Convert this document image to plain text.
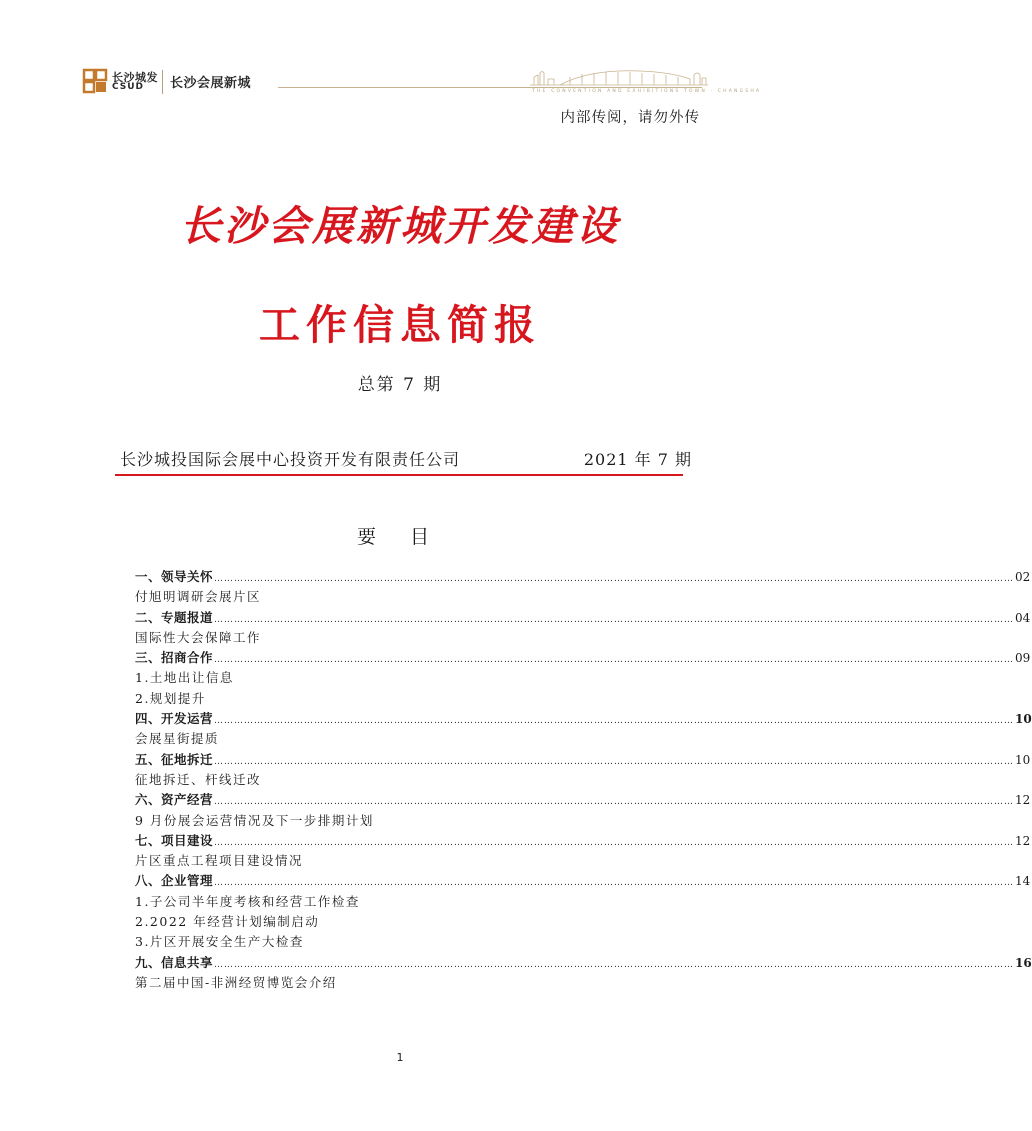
长沙城发
CSUD 长沙会展新城
THE CONVENTION AND EXHIBITIONS TOWN · CHANGSHA
内部传阅，请勿外传
长沙会展新城开发建设
工作信息简报
总第 7 期
长沙城投国际会展中心投资开发有限责任公司	2021 年 7 期
要 目
一、领导关怀 …………………………………………………………………………………………………………………………………………………………………………………………………………………… 02
付旭明调研会展片区
二、专题报道 …………………………………………………………………………………………………………………………………………………………………………………………………………………… 04
国际性大会保障工作
三、招商合作 …………………………………………………………………………………………………………………………………………………………………………………………………………………… 09
1.土地出让信息
2.规划提升
四、开发运营 …………………………………………………………………………………………………………………………………………………………………………………………………………………… 10
会展星街提质
五、征地拆迁 …………………………………………………………………………………………………………………………………………………………………………………………………………………… 10
征地拆迁、杆线迁改
六、资产经营 …………………………………………………………………………………………………………………………………………………………………………………………………………………… 12
9 月份展会运营情况及下一步排期计划
七、项目建设 …………………………………………………………………………………………………………………………………………………………………………………………………………………… 12
片区重点工程项目建设情况
八、企业管理 …………………………………………………………………………………………………………………………………………………………………………………………………………………… 14
1.子公司半年度考核和经营工作检查
2.2022 年经营计划编制启动
3.片区开展安全生产大检查
九、信息共享 …………………………………………………………………………………………………………………………………………………………………………………………………………………… 16
第二届中国-非洲经贸博览会介绍
1
